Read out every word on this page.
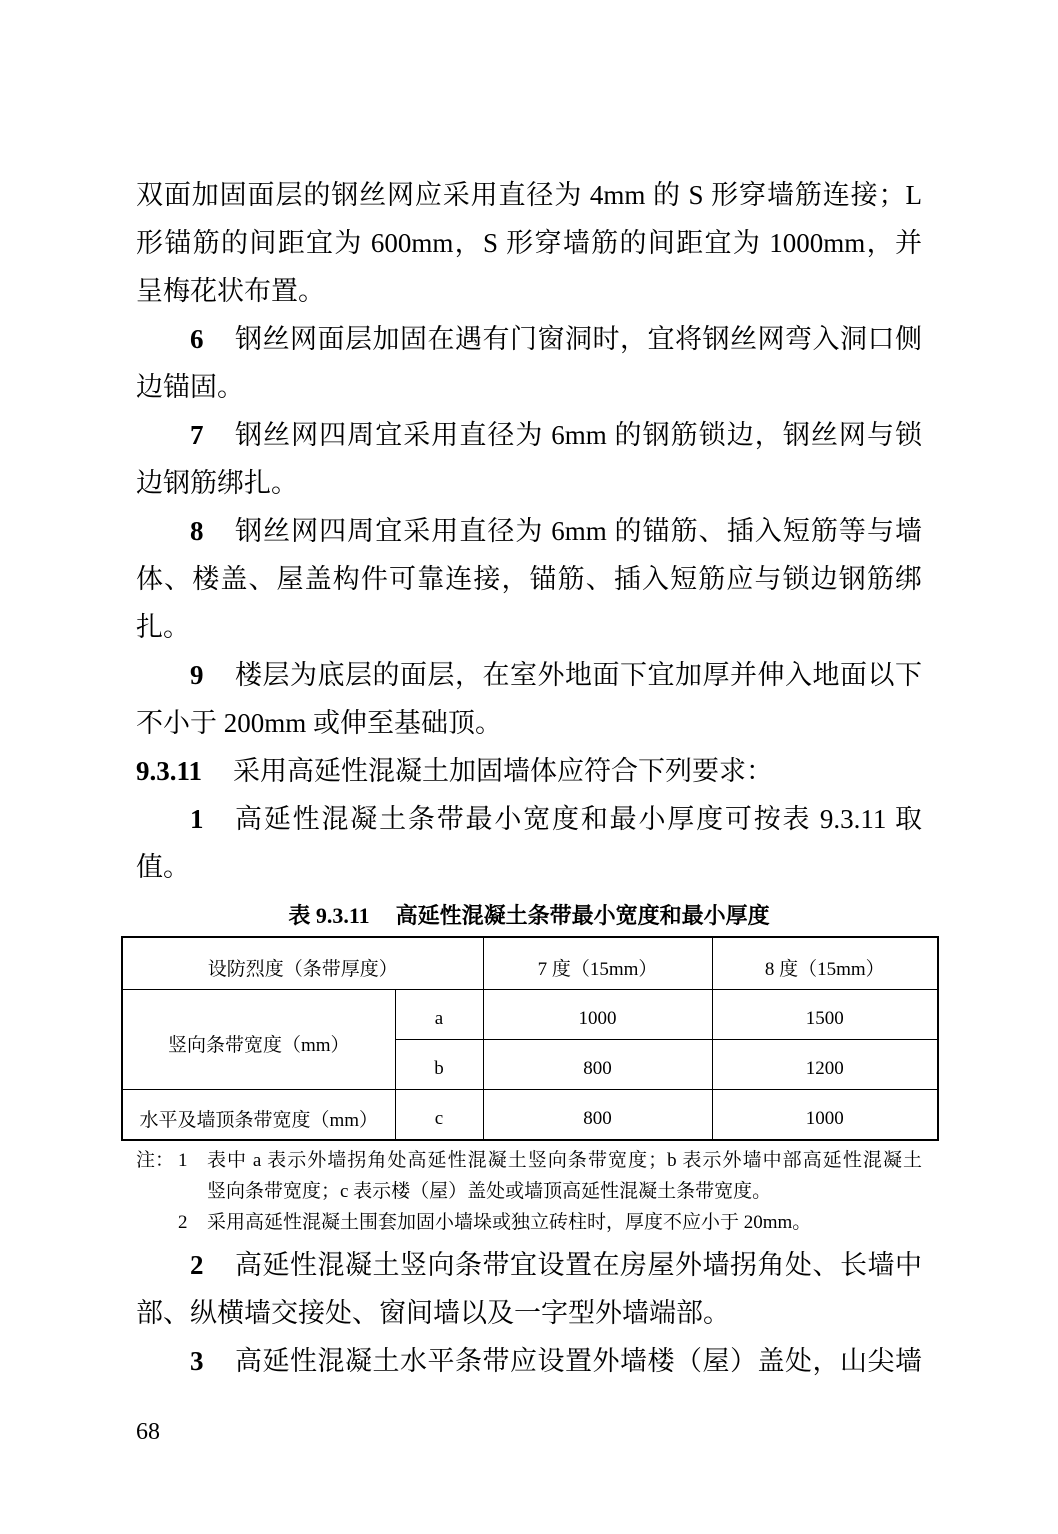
双面加固面层的钢丝网应采用直径为 4mm 的 S 形穿墙筋连接；L
形锚筋的间距宜为 600mm，S 形穿墙筋的间距宜为 1000mm，并
呈梅花状布置。
6	钢丝网面层加固在遇有门窗洞时，宜将钢丝网弯入洞口侧
边锚固。
7	钢丝网四周宜采用直径为 6mm 的钢筋锁边，钢丝网与锁
边钢筋绑扎。
8	钢丝网四周宜采用直径为 6mm 的锚筋、插入短筋等与墙
体、楼盖、屋盖构件可靠连接，锚筋、插入短筋应与锁边钢筋绑
扎。
9	楼层为底层的面层，在室外地面下宜加厚并伸入地面以下
不小于 200mm 或伸至基础顶。
9.3.11	采用高延性混凝土加固墙体应符合下列要求：
1	高延性混凝土条带最小宽度和最小厚度可按表 9.3.11 取
值。
表 9.3.11 高延性混凝土条带最小宽度和最小厚度
设防烈度（条带厚度）		7 度（15mm）	8 度（15mm）
竖向条带宽度（mm）	a	1000	1500
	b	800	1200
水平及墙顶条带宽度（mm）	c	800	1000
注： 1	表中 a 表示外墙拐角处高延性混凝土竖向条带宽度；b 表示外墙中部高延性混凝土
竖向条带宽度；c 表示楼（屋）盖处或墙顶高延性混凝土条带宽度。
2	采用高延性混凝土围套加固小墙垛或独立砖柱时，厚度不应小于 20mm。
2	高延性混凝土竖向条带宜设置在房屋外墙拐角处、长墙中
部、纵横墙交接处、窗间墙以及一字型外墙端部。
3	高延性混凝土水平条带应设置外墙楼（屋）盖处，山尖墙
68
